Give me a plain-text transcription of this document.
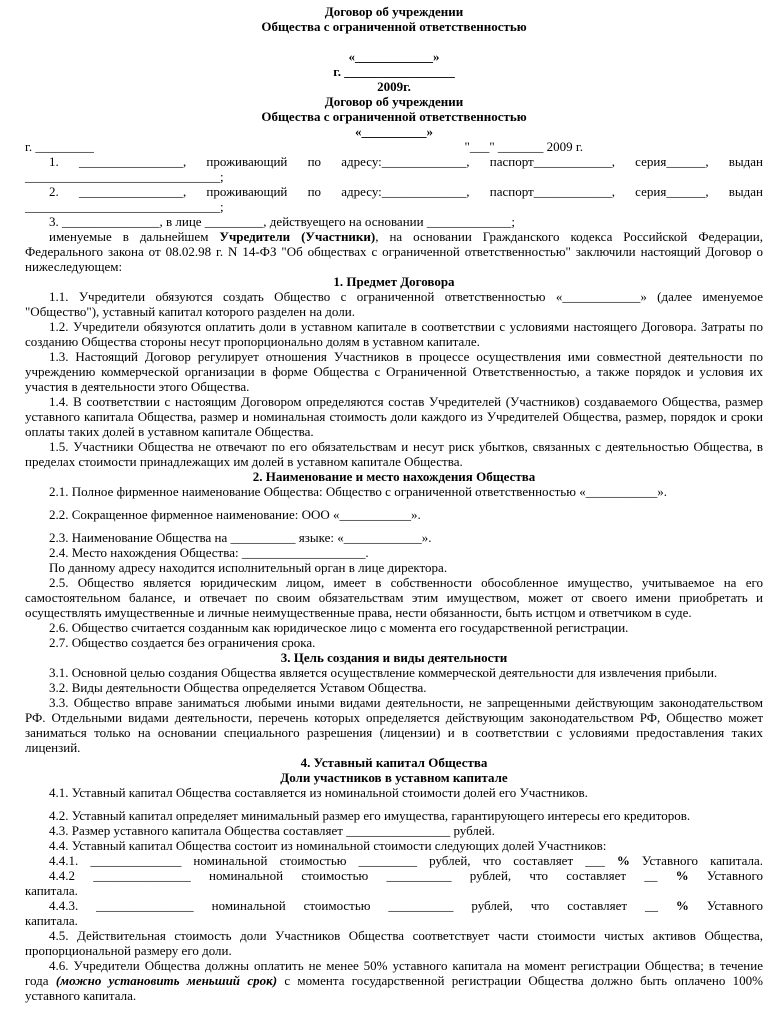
Договор об учреждении
Общества с ограниченной ответственностью
«____________»
г. _________________
2009г.
Договор об учреждении
Общества с ограниченной ответственностью
«__________»
г. _________	"___" _______ 2009 г.
1. ________________, проживающий по адресу:_____________, паспорт____________, серия______, выдан
______________________________;
2. ________________, проживающий по адресу:_____________, паспорт____________, серия______, выдан
______________________________;
3. _______________, в лице _________, действуещего на основании _____________;
именуемые в дальнейшем Учредители (Участники), на основании Гражданского кодекса Российской Федерации, Федерального закона от 08.02.98 г. N 14-ФЗ "Об обществах с ограниченной ответственностью" заключили настоящий Договор о нижеследующем:
1. Предмет Договора
1.1. Учредители обязуются создать Общество с ограниченной ответственностью «____________» (далее именуемое "Общество"), уставный капитал которого разделен на доли.
1.2. Учредители обязуются оплатить доли в уставном капитале в соответствии с условиями настоящего Договора. Затраты по созданию Общества стороны несут пропорционально долям в уставном капитале.
1.3. Настоящий Договор регулирует отношения Участников в процессе осуществления ими совместной деятельности по учреждению коммерческой организации в форме Общества с Ограниченной Ответственностью, а также порядок и условия их участия в деятельности этого Общества.
1.4. В соответствии с настоящим Договором определяются состав Учредителей (Участников) создаваемого Общества, размер уставного капитала Общества, размер и номинальная стоимость доли каждого из Учредителей Общества, размер, порядок и сроки оплаты таких долей в уставном капитале Общества.
1.5. Участники Общества не отвечают по его обязательствам и несут риск убытков, связанных с деятельностью Общества, в пределах стоимости принадлежащих им долей в уставном капитале Общества.
2. Наименование и место нахождения Общества
2.1. Полное фирменное наименование Общества: Общество с ограниченной ответственностью «___________».
2.2. Сокращенное фирменное наименование: ООО «___________».
2.3. Наименование Общества на __________ языке: «____________».
2.4. Место нахождения Общества: ___________________.
По данному адресу находится исполнительный орган в лице директора.
2.5. Общество является юридическим лицом, имеет в собственности обособленное имущество, учитываемое на его самостоятельном балансе, и отвечает по своим обязательствам этим имуществом, может от своего имени приобретать и осуществлять имущественные и личные неимущественные права, нести обязанности, быть истцом и ответчиком в суде.
2.6. Общество считается созданным как юридическое лицо с момента его государственной регистрации.
2.7. Общество создается без ограничения срока.
3. Цель создания и виды деятельности
3.1. Основной целью создания Общества является осуществление коммерческой деятельности для извлечения прибыли.
3.2. Виды деятельности Общества определяется Уставом Общества.
3.3. Общество вправе заниматься любыми иными видами деятельности, не запрещенными действующим законодательством РФ. Отдельными видами деятельности, перечень которых определяется действующим законодательством РФ, Общество может заниматься только на основании специального разрешения (лицензии) и в соответствии с условиями предоставления таких лицензий.
4. Уставный капитал Общества
Доли участников в уставном капитале
4.1. Уставный капитал Общества составляется из номинальной стоимости долей его Участников.
4.2. Уставный капитал определяет минимальный размер его имущества, гарантирующего интересы его кредиторов.
4.3. Размер уставного капитала Общества составляет ________________ рублей.
4.4. Уставный капитал Общества состоит из номинальной стоимости следующих долей Участников:
4.4.1. ______________ номинальной стоимостью _________ рублей, что составляет ___ % Уставного капитала.
4.4.2 _______________ номинальной стоимостью __________ рублей, что составляет __ % Уставного
капитала.
4.4.3. _______________ номинальной стоимостью __________ рублей, что составляет __ % Уставного
капитала.
4.5. Действительная стоимость доли Участников Общества соответствует части стоимости чистых активов Общества, пропорциональной размеру его доли.
4.6. Учредители Общества должны оплатить не менее 50% уставного капитала на момент регистрации Общества; в течение года (можно установить меньший срок) с момента государственной регистрации Общества должно быть оплачено 100% уставного капитала.
